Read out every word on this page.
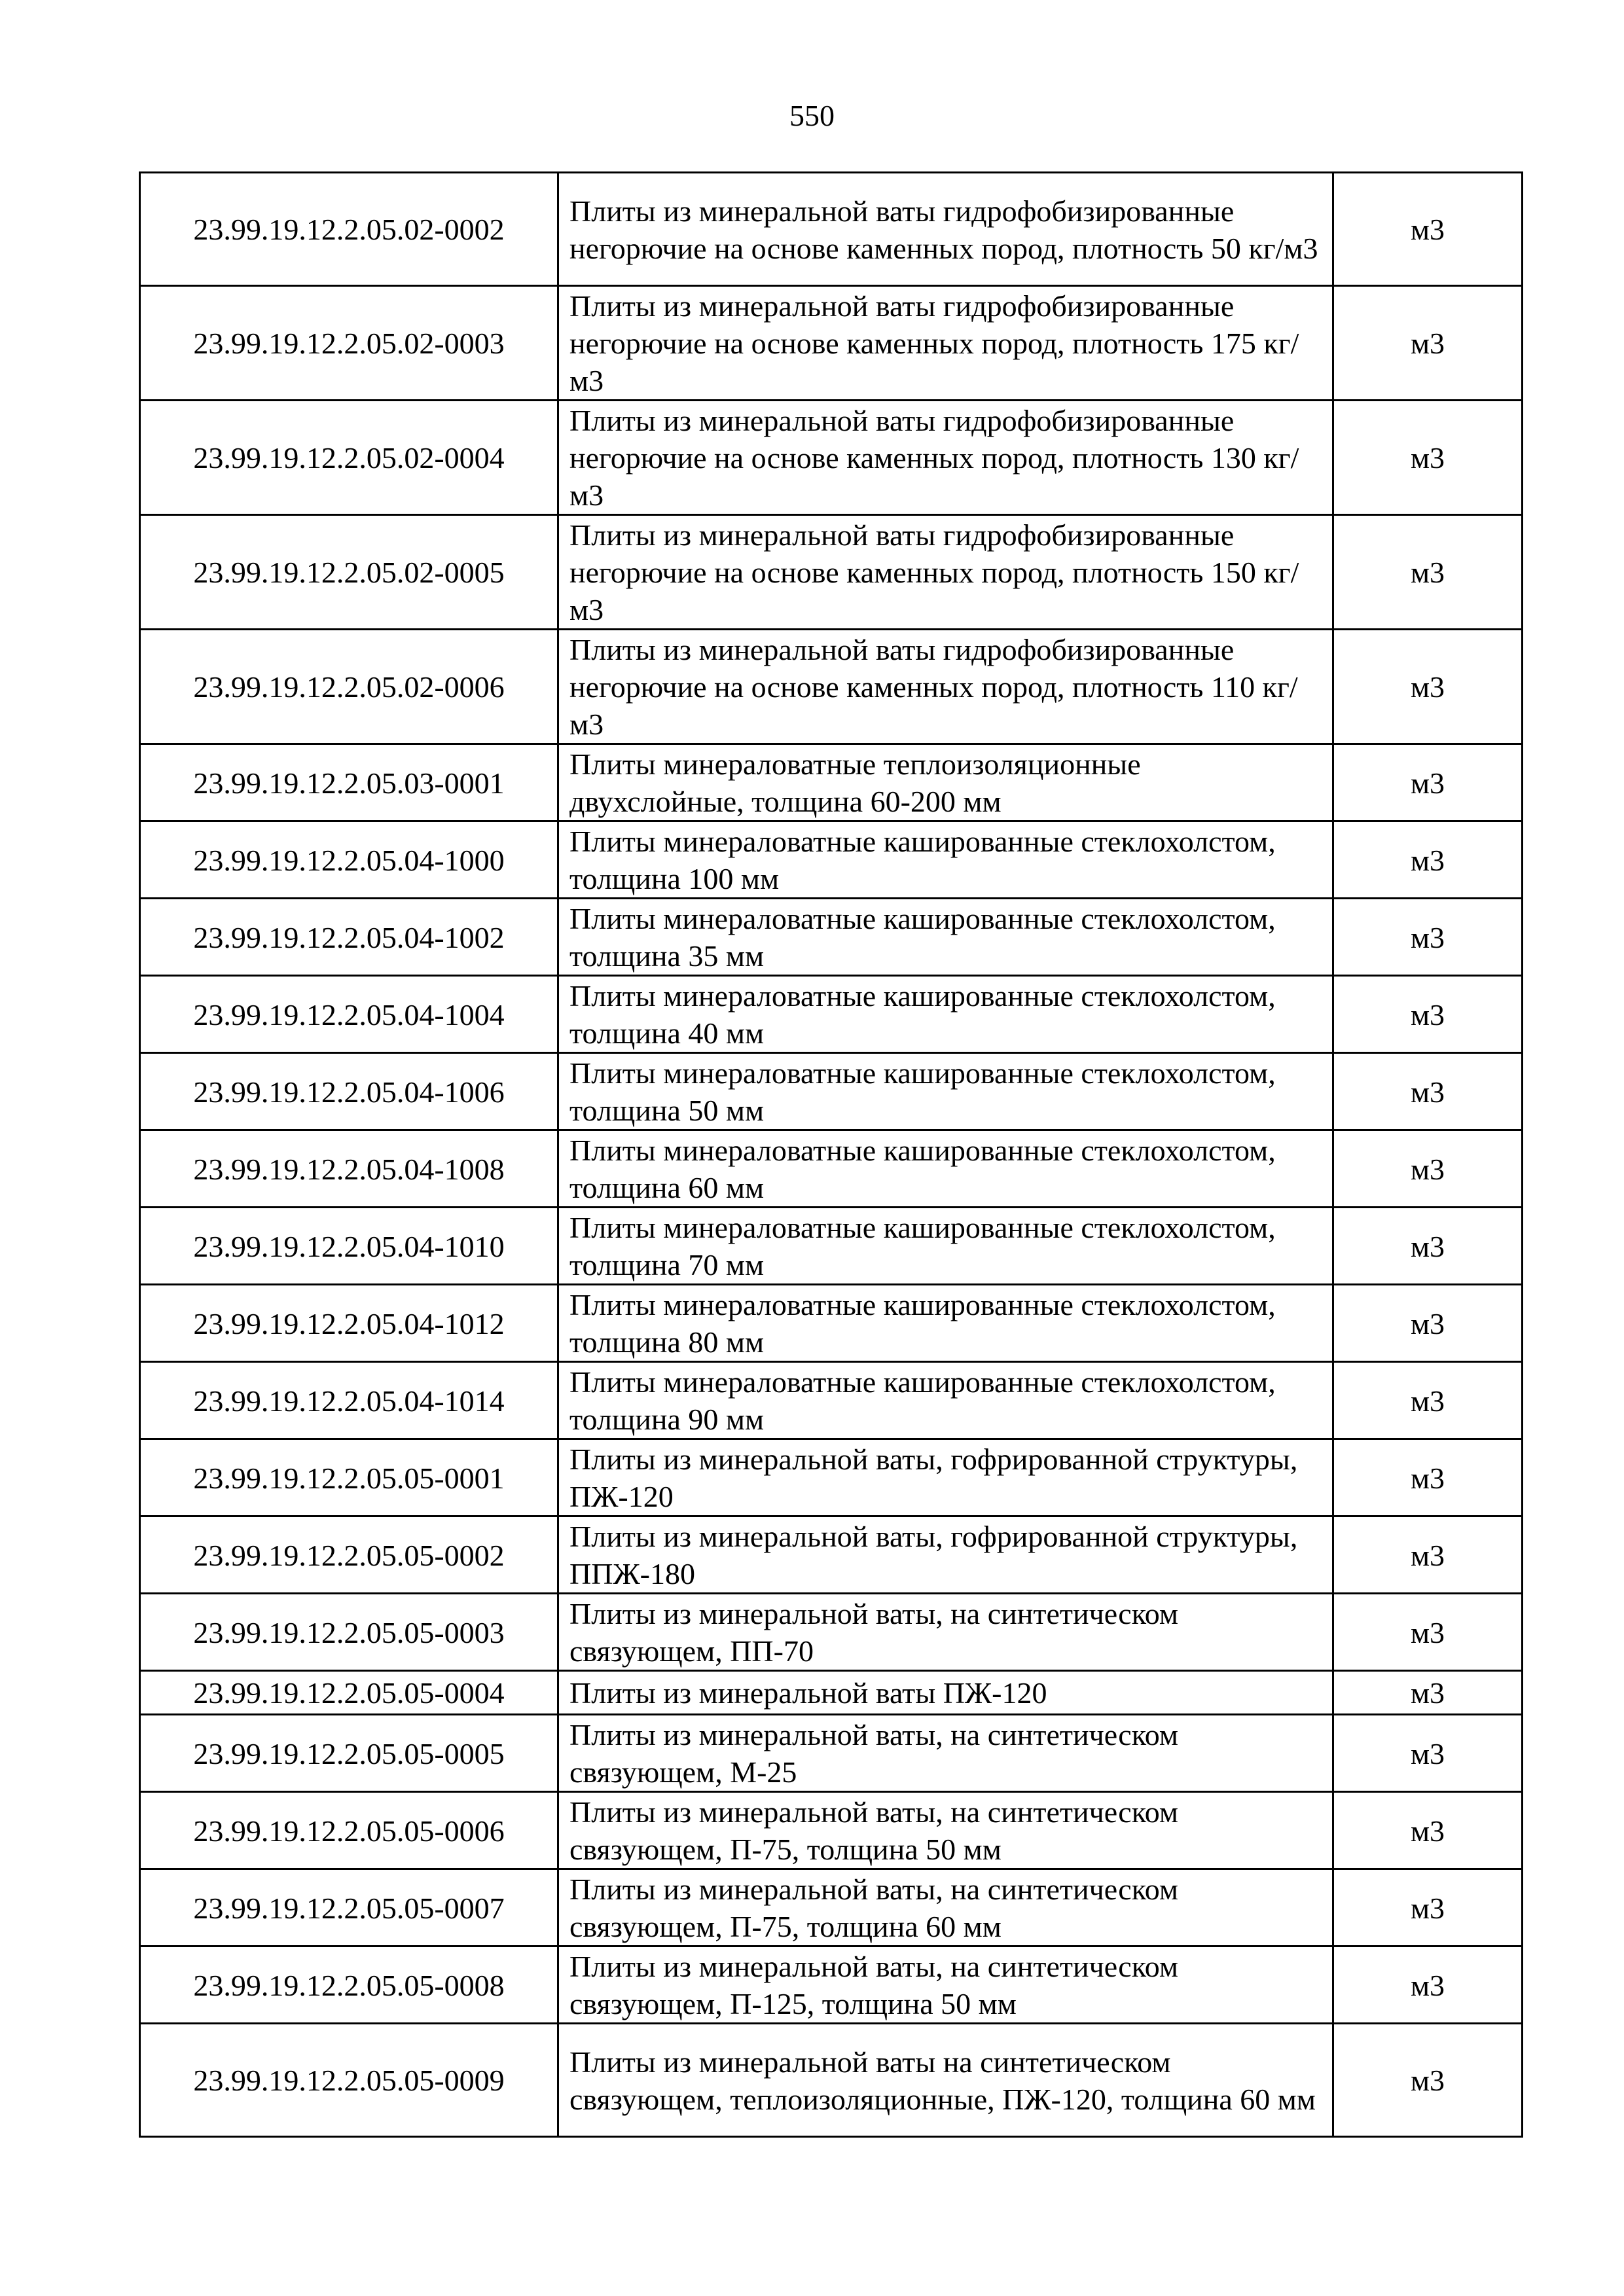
550
23.99.19.12.2.05.02-0002	Плиты из минеральной ваты гидрофобизированные негорючие на основе каменных пород, плотность 50 кг/м3	м3
23.99.19.12.2.05.02-0003	Плиты из минеральной ваты гидрофобизированные негорючие на основе каменных пород, плотность 175 кг/м3	м3
23.99.19.12.2.05.02-0004	Плиты из минеральной ваты гидрофобизированные негорючие на основе каменных пород, плотность 130 кг/м3	м3
23.99.19.12.2.05.02-0005	Плиты из минеральной ваты гидрофобизированные негорючие на основе каменных пород, плотность 150 кг/м3	м3
23.99.19.12.2.05.02-0006	Плиты из минеральной ваты гидрофобизированные негорючие на основе каменных пород, плотность 110 кг/м3	м3
23.99.19.12.2.05.03-0001	Плиты минераловатные теплоизоляционные двухслойные, толщина 60-200 мм	м3
23.99.19.12.2.05.04-1000	Плиты минераловатные кашированные стеклохолстом, толщина 100 мм	м3
23.99.19.12.2.05.04-1002	Плиты минераловатные кашированные стеклохолстом, толщина 35 мм	м3
23.99.19.12.2.05.04-1004	Плиты минераловатные кашированные стеклохолстом, толщина 40 мм	м3
23.99.19.12.2.05.04-1006	Плиты минераловатные кашированные стеклохолстом, толщина 50 мм	м3
23.99.19.12.2.05.04-1008	Плиты минераловатные кашированные стеклохолстом, толщина 60 мм	м3
23.99.19.12.2.05.04-1010	Плиты минераловатные кашированные стеклохолстом, толщина 70 мм	м3
23.99.19.12.2.05.04-1012	Плиты минераловатные кашированные стеклохолстом, толщина 80 мм	м3
23.99.19.12.2.05.04-1014	Плиты минераловатные кашированные стеклохолстом, толщина 90 мм	м3
23.99.19.12.2.05.05-0001	Плиты из минеральной ваты, гофрированной структуры, ПЖ-120	м3
23.99.19.12.2.05.05-0002	Плиты из минеральной ваты, гофрированной структуры, ППЖ-180	м3
23.99.19.12.2.05.05-0003	Плиты из минеральной ваты, на синтетическом связующем, ПП-70	м3
23.99.19.12.2.05.05-0004	Плиты из минеральной ваты ПЖ-120	м3
23.99.19.12.2.05.05-0005	Плиты из минеральной ваты, на синтетическом связующем, М-25	м3
23.99.19.12.2.05.05-0006	Плиты из минеральной ваты, на синтетическом связующем, П-75, толщина 50 мм	м3
23.99.19.12.2.05.05-0007	Плиты из минеральной ваты, на синтетическом связующем, П-75, толщина 60 мм	м3
23.99.19.12.2.05.05-0008	Плиты из минеральной ваты, на синтетическом связующем, П-125, толщина 50 мм	м3
23.99.19.12.2.05.05-0009	Плиты из минеральной ваты на синтетическом связующем, теплоизоляционные, ПЖ-120, толщина 60 мм	м3
